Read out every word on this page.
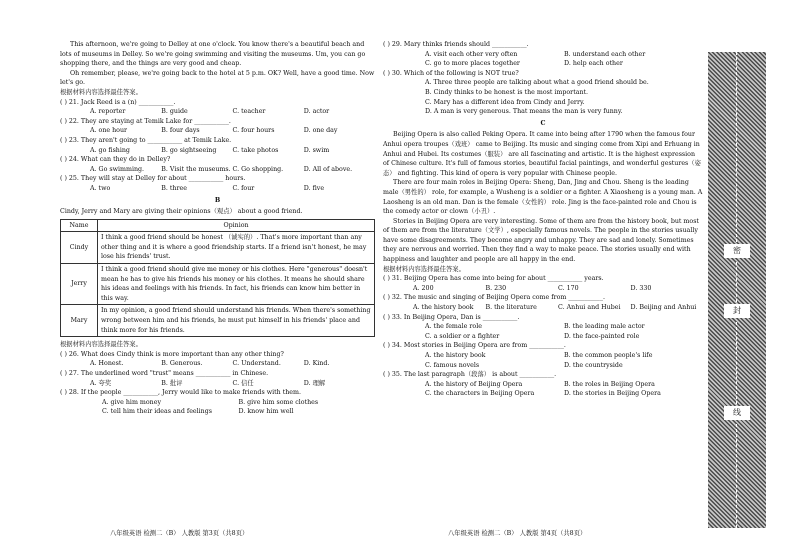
This afternoon, we're going to Delley at one o'clock. You know there's a beautiful beach and lots of museums in Delley. So we're going swimming and visiting the museums. Um, you can go shopping there, and the things are very good and cheap.

Oh remember, please, we're going back to the hotel at 5 p.m. OK? Well, have a good time. Now let's go.

根据材料内容选择最佳答案。

( ) 21. Jack Reed is a (n) ___________.

A. reporter	B. guide	C. teacher	D. actor

( ) 22. They are staying at Temik Lake for ___________.

A. one hour	B. four days	C. four hours	D. one day

( ) 23. They aren't going to ___________ at Temik Lake.

A. go fishing	B. go sightseeing	C. take photos	D. swim

( ) 24. What can they do in Delley?

A. Go swimming.	B. Visit the museums. C. Go shopping.	D. All of above.

( ) 25. They will stay at Delley for about ___________ hours.

A. two	B. three	C. four	D. five

B

Cindy, Jerry and Mary are giving their opinions（观点） about a good friend.

Name	Opinion
Cindy	I think a good friend should be honest （诚实的）. That's more important than any other thing and it is where a good friendship starts. If a friend isn't honest, he may lose his friends' trust.
Jerry	I think a good friend should give me money or his clothes. Here "generous" doesn't mean he has to give his friends his money or his clothes. It means he should share his ideas and feelings with his friends. In fact, his friends can know him better in this way.
Mary	In my opinion, a good friend should understand his friends. When there's something wrong between him and his friends, he must put himself in his friends' place and think more for his friends.

根据材料内容选择最佳答案。

( ) 26. What does Cindy think is more important than any other thing?

A. Honest.	B. Generous.	C. Understand.	D. Kind.

( ) 27. The underlined word "trust" means ___________ in Chinese.

A. 夸奖	B. 批评	C. 信任	D. 理解

( ) 28. If the people ___________, Jerry would like to make friends with them.

A. give him money	B. give him some clothes
C. tell him their ideas and feelings	D. know him well

( ) 29. Mary thinks friends should ___________.

A. visit each other very often	B. understand each other
C. go to more places together	D. help each other

( ) 30. Which of the following is NOT true?

A. Three three people are talking about what a good friend should be.

B. Cindy thinks to be honest is the most important.

C. Mary has a different idea from Cindy and Jerry.

D. A man is very generous. That means the man is very funny.

C

Beijing Opera is also called Peking Opera. It came into being after 1790 when the famous four Anhui opera troupes（戏班） came to Beijing. Its music and singing come from Xipi and Erhuang in Anhui and Hubei. Its costumes（服装） are all fascinating and artistic. It is the highest expression of Chinese culture. It's full of famous stories, beautiful facial paintings, and wonderful gestures（姿态） and fighting. This kind of opera is very popular with Chinese people.

There are four main roles in Beijing Opera: Sheng, Dan, Jing and Chou. Sheng is the leading male（男性的） role, for example, a Wusheng is a soldier or a fighter. A Xiaosheng is a young man. A Laosheng is an old man. Dan is the female（女性的） role. Jing is the face-painted role and Chou is the comedy actor or clown（小丑）.

Stories in Beijing Opera are very interesting. Some of them are from the history book, but most of them are from the literature（文学）, especially famous novels. The people in the stories usually have some disagreements. They become angry and unhappy. They are sad and lonely. Sometimes they are nervous and worried. Then they find a way to make peace. The stories usually end with happiness and laughter and people are all happy in the end.

根据材料内容选择最佳答案。

( ) 31. Beijing Opera has come into being for about ___________ years.

A. 200	B. 230	C. 170	D. 330

( ) 32. The music and singing of Beijing Opera come from ___________.

A. the history book	B. the literature	C. Anhui and Hubei	D. Beijing and Anhui

( ) 33. In Beijing Opera, Dan is ___________.

A. the female role	B. the leading male actor
C. a soldier or a fighter	D. the face-painted role

( ) 34. Most stories in Beijing Opera are from ___________.

A. the history book	B. the common people's life
C. famous novels	D. the countryside

( ) 35. The last paragraph（段落） is about ___________.

A. the history of Beijing Opera	B. the roles in Beijing Opera
C. the characters in Beijing Opera	D. the stories in Beijing Opera
八年级英语 检测二（B） 人教版 第3页（共8页）	八年级英语 检测二（B） 人教版 第4页（共8页）
密
封
线
